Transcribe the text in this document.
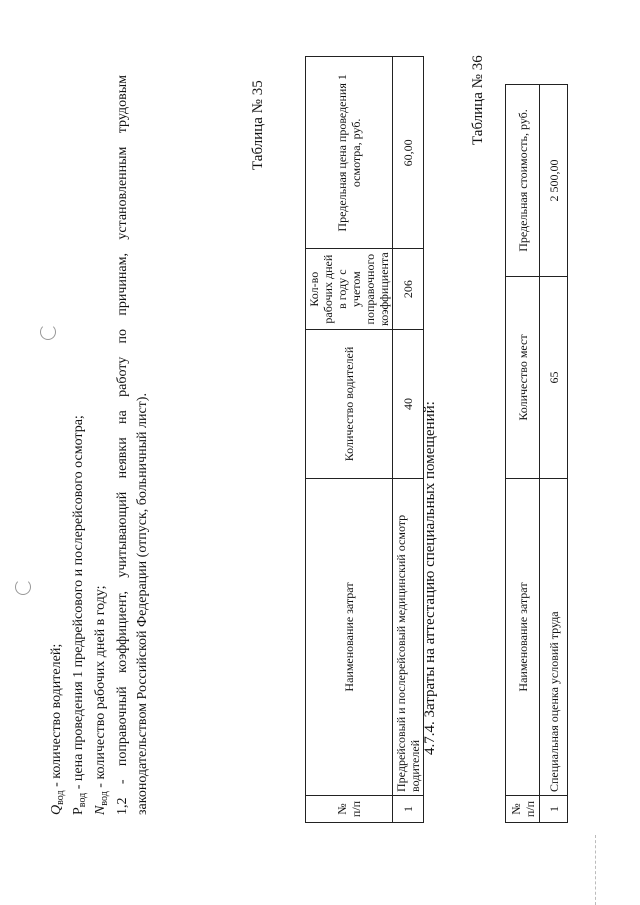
$Q_{вод}$ - количество водителей;
$P_{вод}$ - цена проведения 1 предрейсового и послерейсового осмотра;
$N_{вод}$ - количество рабочих дней в году; 1,2 - поправочный коэффициент, учитывающий неявки на работу по причинам, установленным трудовым законодательством Российской Федерации (отпуск, больничный лист).
Таблица № 35
№ п/п	Наименование затрат	Количество водителей	Кол-во рабочих дней в году с учетом поправочного коэффициента	Предельная цена проведения 1 осмотра, руб.
1	Предрейсовый и послерейсовый медицинский осмотр водителей	40	206	60,00
4.7.4. Затраты на аттестацию специальных помещений:
Таблица № 36
№ п/п	Наименование затрат	Количество мест	Предельная стоимость, руб.
1	Специальная оценка условий труда	65	2 500,00
